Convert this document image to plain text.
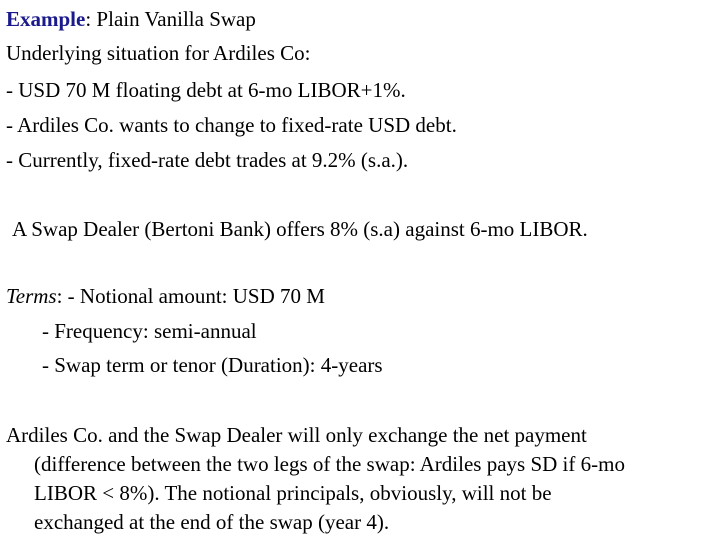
Example: Plain Vanilla Swap
Underlying situation for Ardiles Co:
- USD 70 M floating debt at 6-mo LIBOR+1%.
- Ardiles Co. wants to change to fixed-rate USD debt.
- Currently, fixed-rate debt trades at 9.2% (s.a.).
A Swap Dealer (Bertoni Bank) offers 8% (s.a) against 6-mo LIBOR.
Terms: - Notional amount: USD 70 M
- Frequency: semi-annual
- Swap term or tenor (Duration): 4-years
Ardiles Co. and the Swap Dealer will only exchange the net payment
(difference between the two legs of the swap: Ardiles pays SD if 6-mo
LIBOR < 8%). The notional principals, obviously, will not be
exchanged at the end of the swap (year 4).
